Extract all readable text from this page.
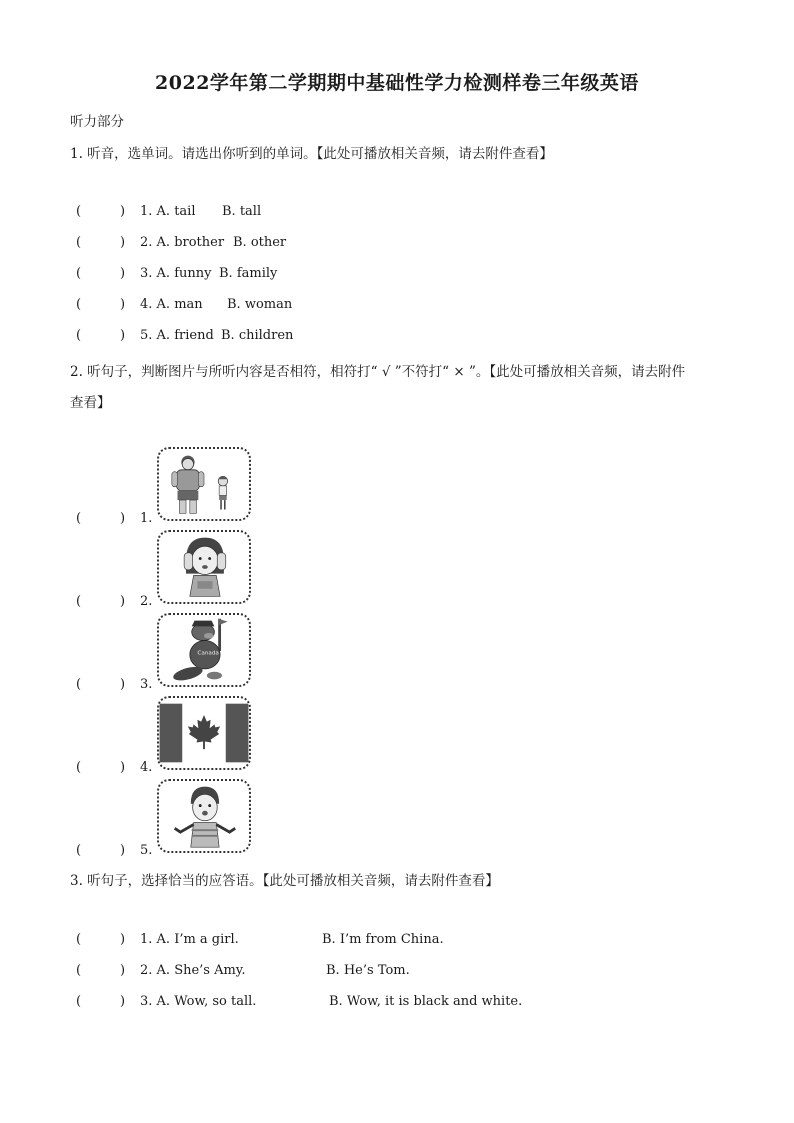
2022学年第二学期期中基础性学力检测样卷三年级英语
听力部分
1. 听音，选单词。请选出你听到的单词。【此处可播放相关音频，请去附件查看】
(	) 1. A. tail B. tall
(	) 2. A. brother B. other
(	) 3. A. funny B. family
(	) 4. A. man B. woman
(	) 5. A. friend B. children
2. 听句子，判断图片与所听内容是否相符，相符打“ √ ”不符打“ × ”。【此处可播放相关音频，请去附件
查看】
(	) 1.
(	) 2.
Canada
(	) 3.
(	) 4.
(	) 5.
3. 听句子，选择恰当的应答语。【此处可播放相关音频，请去附件查看】
(	) 1. A. I’m a girl.	B. I’m from China.
(	) 2. A. She’s Amy.	B. He’s Tom.
(	) 3. A. Wow, so tall.	B. Wow, it is black and white.
